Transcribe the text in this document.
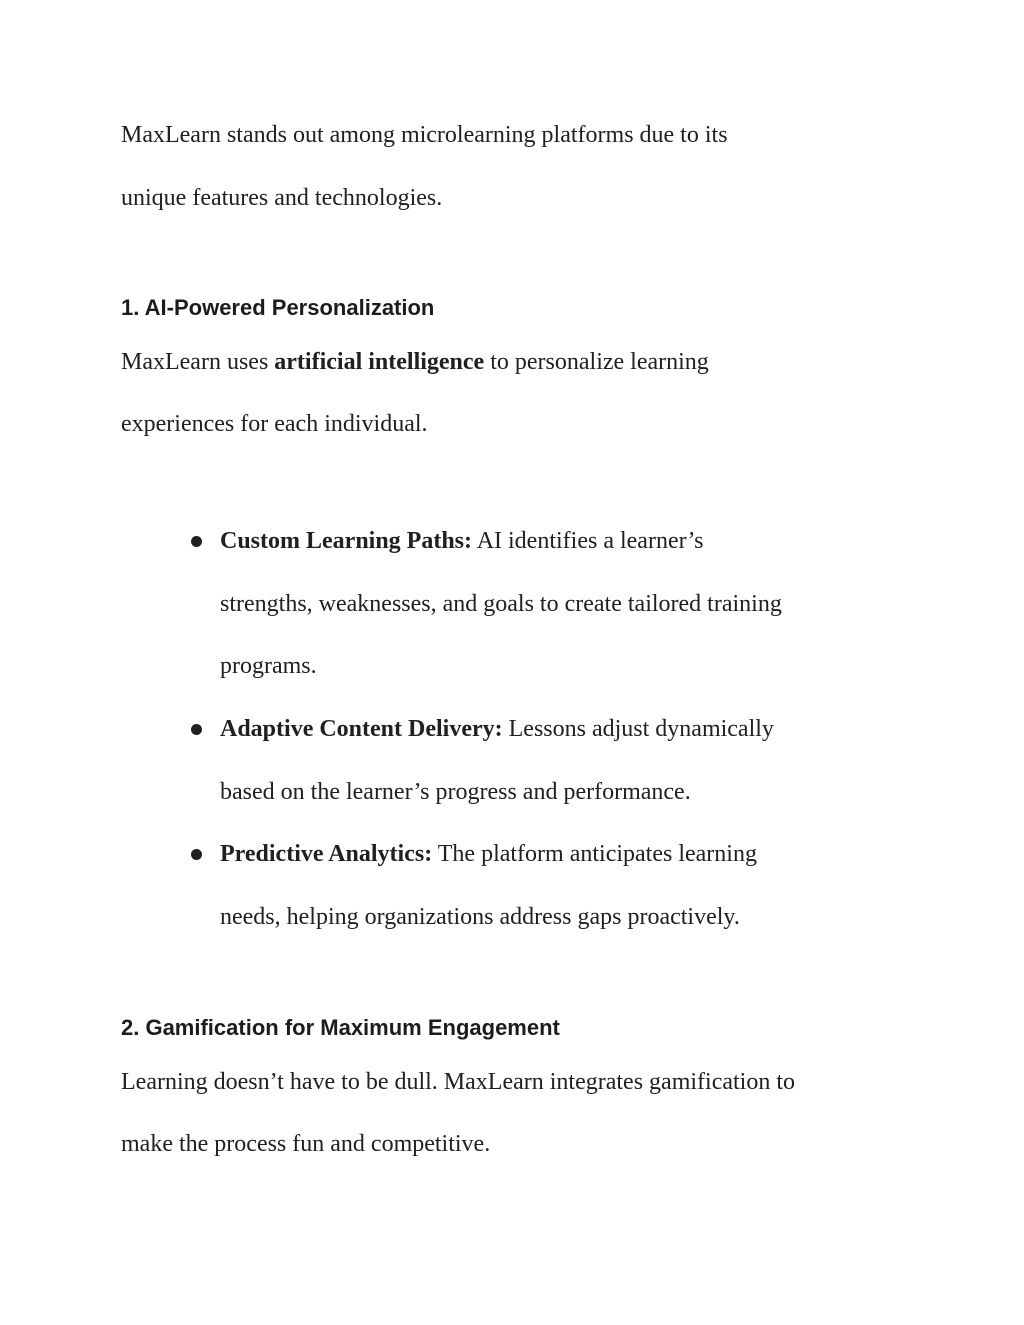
MaxLearn stands out among microlearning platforms due to its
unique features and technologies.
1. AI-Powered Personalization
MaxLearn uses artificial intelligence to personalize learning
experiences for each individual.
Custom Learning Paths: AI identifies a learner’s
strengths, weaknesses, and goals to create tailored training
programs.
Adaptive Content Delivery: Lessons adjust dynamically
based on the learner’s progress and performance.
Predictive Analytics: The platform anticipates learning
needs, helping organizations address gaps proactively.
2. Gamification for Maximum Engagement
Learning doesn’t have to be dull. MaxLearn integrates gamification to
make the process fun and competitive.
